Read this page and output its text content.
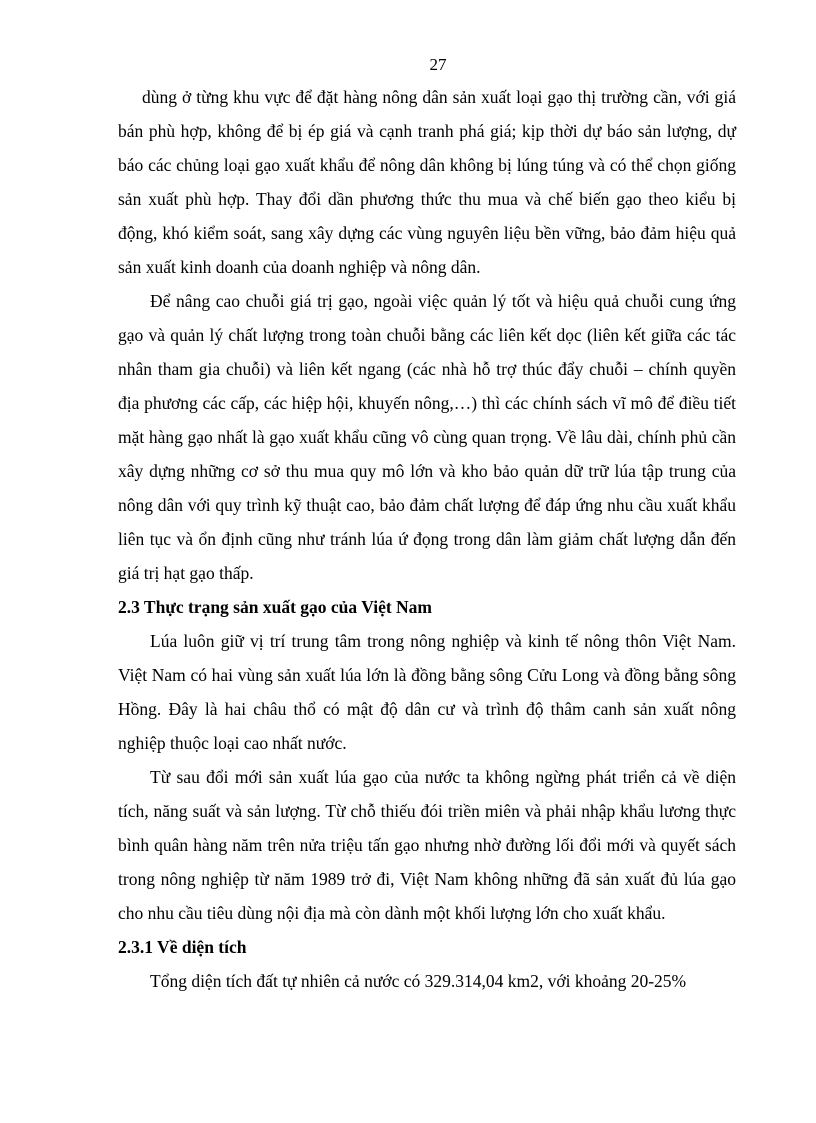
27

dùng ở từng khu vực để đặt hàng nông dân sản xuất loại gạo thị trường cần, với giá bán phù hợp, không để bị ép giá và cạnh tranh phá giá; kịp thời dự báo sản lượng, dự báo các chủng loại gạo xuất khẩu để nông dân không bị lúng túng và có thể chọn giống sản xuất phù hợp. Thay đổi dần phương thức thu mua và chế biến gạo theo kiểu bị động, khó kiểm soát, sang xây dựng các vùng nguyên liệu bền vững, bảo đảm hiệu quả sản xuất kinh doanh của doanh nghiệp và nông dân.

Để nâng cao chuỗi giá trị gạo, ngoài việc quản lý tốt và hiệu quả chuỗi cung ứng gạo và quản lý chất lượng trong toàn chuỗi bằng các liên kết dọc (liên kết giữa các tác nhân tham gia chuỗi) và liên kết ngang (các nhà hỗ trợ thúc đẩy chuỗi – chính quyền địa phương các cấp, các hiệp hội, khuyến nông,…) thì các chính sách vĩ mô để điều tiết mặt hàng gạo nhất là gạo xuất khẩu cũng vô cùng quan trọng. Về lâu dài, chính phủ cần xây dựng những cơ sở thu mua quy mô lớn và kho bảo quản dữ trữ lúa tập trung của nông dân với quy trình kỹ thuật cao, bảo đảm chất lượng để đáp ứng nhu cầu xuất khẩu liên tục và ổn định cũng như tránh lúa ứ đọng trong dân làm giảm chất lượng dẫn đến giá trị hạt gạo thấp.

2.3 Thực trạng sản xuất gạo của Việt Nam

Lúa luôn giữ vị trí trung tâm trong nông nghiệp và kinh tế nông thôn Việt Nam. Việt Nam có hai vùng sản xuất lúa lớn là đồng bằng sông Cửu Long và đồng bằng sông Hồng. Đây là hai châu thổ có mật độ dân cư và trình độ thâm canh sản xuất nông nghiệp thuộc loại cao nhất nước.

Từ sau đổi mới sản xuất lúa gạo của nước ta không ngừng phát triển cả về diện tích, năng suất và sản lượng. Từ chỗ thiếu đói triền miên và phải nhập khẩu lương thực bình quân hàng năm trên nửa triệu tấn gạo nhưng nhờ đường lối đổi mới và quyết sách trong nông nghiệp từ năm 1989 trở đi, Việt Nam không những đã sản xuất đủ lúa gạo cho nhu cầu tiêu dùng nội địa mà còn dành một khối lượng lớn cho xuất khẩu.

2.3.1 Về diện tích

Tổng diện tích đất tự nhiên cả nước có 329.314,04 km2, với khoảng 20-25%
